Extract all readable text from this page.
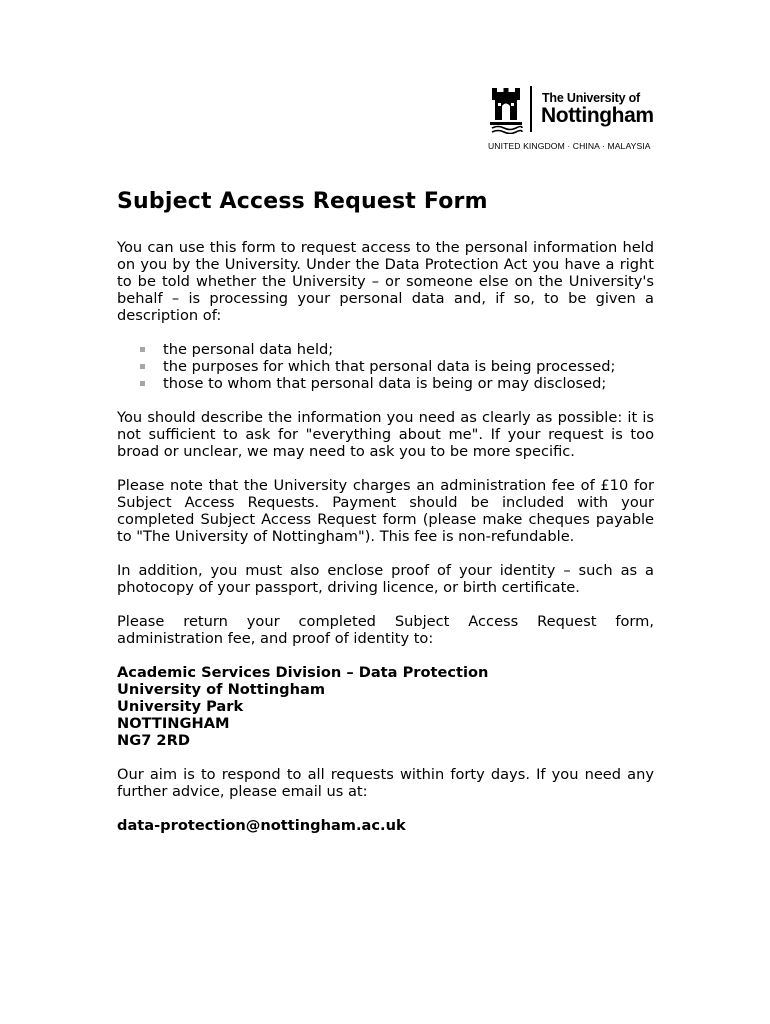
The University of
Nottingham
UNITED KINGDOM · CHINA · MALAYSIA
Subject Access Request Form

You can use this form to request access to the personal information held on you by the University. Under the Data Protection Act you have a right to be told whether the University – or someone else on the University's behalf – is processing your personal data and, if so, to be given a description of:

the personal data held;
the purposes for which that personal data is being processed;
those to whom that personal data is being or may disclosed;

You should describe the information you need as clearly as possible: it is not sufficient to ask for "everything about me". If your request is too broad or unclear, we may need to ask you to be more specific.

Please note that the University charges an administration fee of £10 for Subject Access Requests. Payment should be included with your completed Subject Access Request form (please make cheques payable to "The University of Nottingham"). This fee is non-refundable.

In addition, you must also enclose proof of your identity – such as a photocopy of your passport, driving licence, or birth certificate.

Please return your completed Subject Access Request form, administration fee, and proof of identity to:

Academic Services Division – Data Protection
University of Nottingham
University Park
NOTTINGHAM
NG7 2RD

Our aim is to respond to all requests within forty days. If you need any further advice, please email us at:

data-protection@nottingham.ac.uk
